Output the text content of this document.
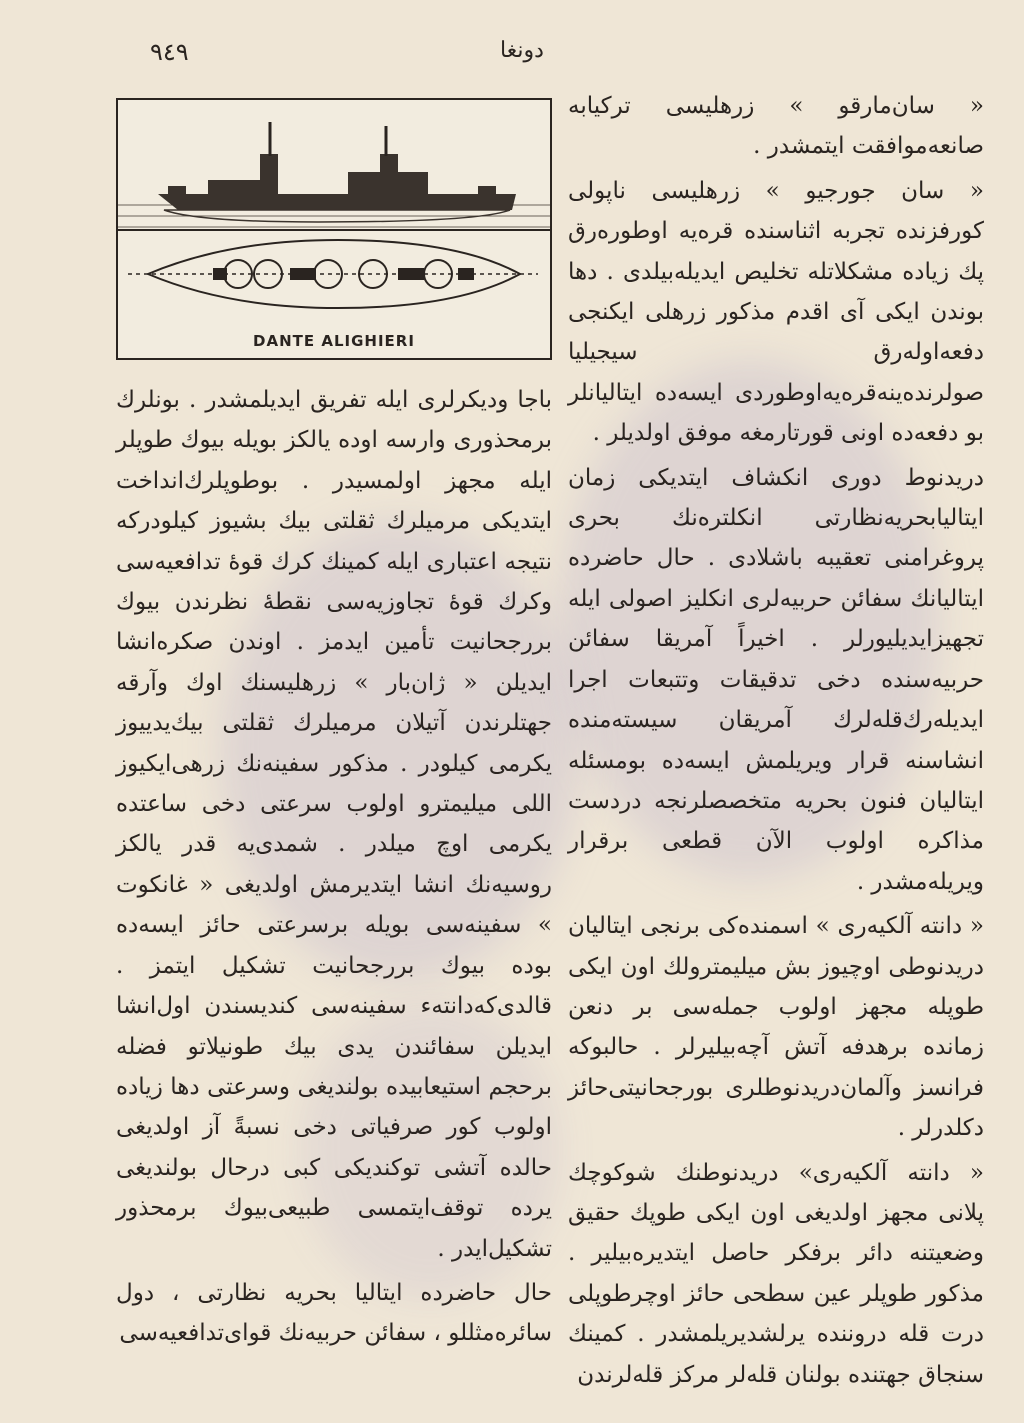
٩٤٩	دونغا
DANTE ALIGHIERI

« سان‌مارقو » زرهلیسی ترکیابه صانعه‌موافقت ایتمشدر .

« سان جورجیو » زرهلیسی ناپولی کورفزنده تجربه اثناسنده قره‌یه اوطوره‌رق پك زیاده مشکلاتله تخلیص ایدیله‌بیلدی . دها بوندن ایکی آی اقدم مذکور زرهلی ایکنجی دفعه‌اوله‌رق سیجیلیا صولرنده‌ینه‌قره‌یه‌اوطوردی ایسه‌ده ایتالیانلر بو دفعه‌ده اونی قورتارمغه موفق اولدیلر .

دریدنوط دوری انکشاف ایتدیکی زمان ایتالیابحریه‌نظارتی انکلتره‌نك بحری پروغرامنی تعقیبه باشلادی . حال حاضرده ایتالیانك سفائن حربیه‌لری انکلیز اصولی ایله تجهیزایدیلیورلر . اخیراً آمریقا سفائن حربیه‌سنده دخی تدقیقات وتتبعات اجرا ایدیله‌رك‌قله‌لرك آمریقان سیسته‌منده انشاسنه قرار ویریلمش ایسه‌ده بومسئله ایتالیان فنون بحریه متخصصلرنجه دردست مذاکره اولوب الآن قطعی برقرار ویریله‌مشدر .

« دانته آلکیه‌ری » اسمنده‌کی برنجی ایتالیان دریدنوطی اوچیوز بش میلیمترولك اون ایکی طوپله مجهز اولوب جمله‌سی بر دنعن زمانده برهدفه آتش آچه‌بیلیرلر . حالبوکه فرانسز وآلمان‌دریدنوطلری بورجحانیتی‌حائز دکلدرلر .

« دانته آلکیه‌ری» دریدنوطنك شوکوچك پلانی مجهز اولدیغی اون ایکی طوپك حقیق وضعیتنه دائر برفکر حاصل ایتدیره‌بیلیر . مذکور طوپلر عین سطحی حائز اوچرطوپلی درت قله دروننده یرلشدیریلمشدر . کمینك سنجاق جهتنده بولنان قله‌لر مرکز قله‌لرندن

باجا ودیکرلری ایله تفریق ایدیلمشدر . بونلرك برمحذوری وارسه اوده یالکز بویله بیوك طوپلر ایله مجهز اولمسیدر . بوطوپلرك‌انداخت ایتدیکی مرمیلرك ثقلتی بیك بشیوز کیلودرکه نتیجه اعتباری ایله کمینك کرك قوهٔ تدافعیه‌سی وکرك قوهٔ تجاوزیه‌سی نقطهٔ نظرندن بیوك بررجحانیت تأمین ایدمز . اوندن صکره‌انشا ایدیلن « ژان‌بار » زرهلیسنك اوك وآرقه جهتلرندن آتیلان مرمیلرك ثقلتی بیك‌یدییوز یکرمی کیلودر . مذکور سفینه‌نك زرهی‌ایکیوز اللی میلیمترو اولوب سرعتی دخی ساعتده یکرمی اوچ میلدر . شمدی‌یه قدر یالکز روسیه‌نك انشا ایتدیرمش اولدیغی « غانکوت » سفینه‌سی بویله برسرعتی حائز ایسه‌ده بوده بیوك بررجحانیت تشکیل ایتمز . قالدی‌که‌دانته‌ء سفینه‌سی کندیسندن اول‌انشا ایدیلن سفائندن یدی بیك طونیلاتو فضله برحجم استیعابیده بولندیغی وسرعتی دها زیاده اولوب کور صرفیاتی دخی نسبةً آز اولدیغی حالده آتشی توکندیکی کبی درحال بولندیغی یرده توقف‌ایتمسی طبیعی‌بیوك برمحذور تشکیل‌ایدر .

حال حاضرده ایتالیا بحریه نظارتی ، دول سائره‌مثللو ، سفائن حربیه‌نك قوای‌تدافعیه‌سی
